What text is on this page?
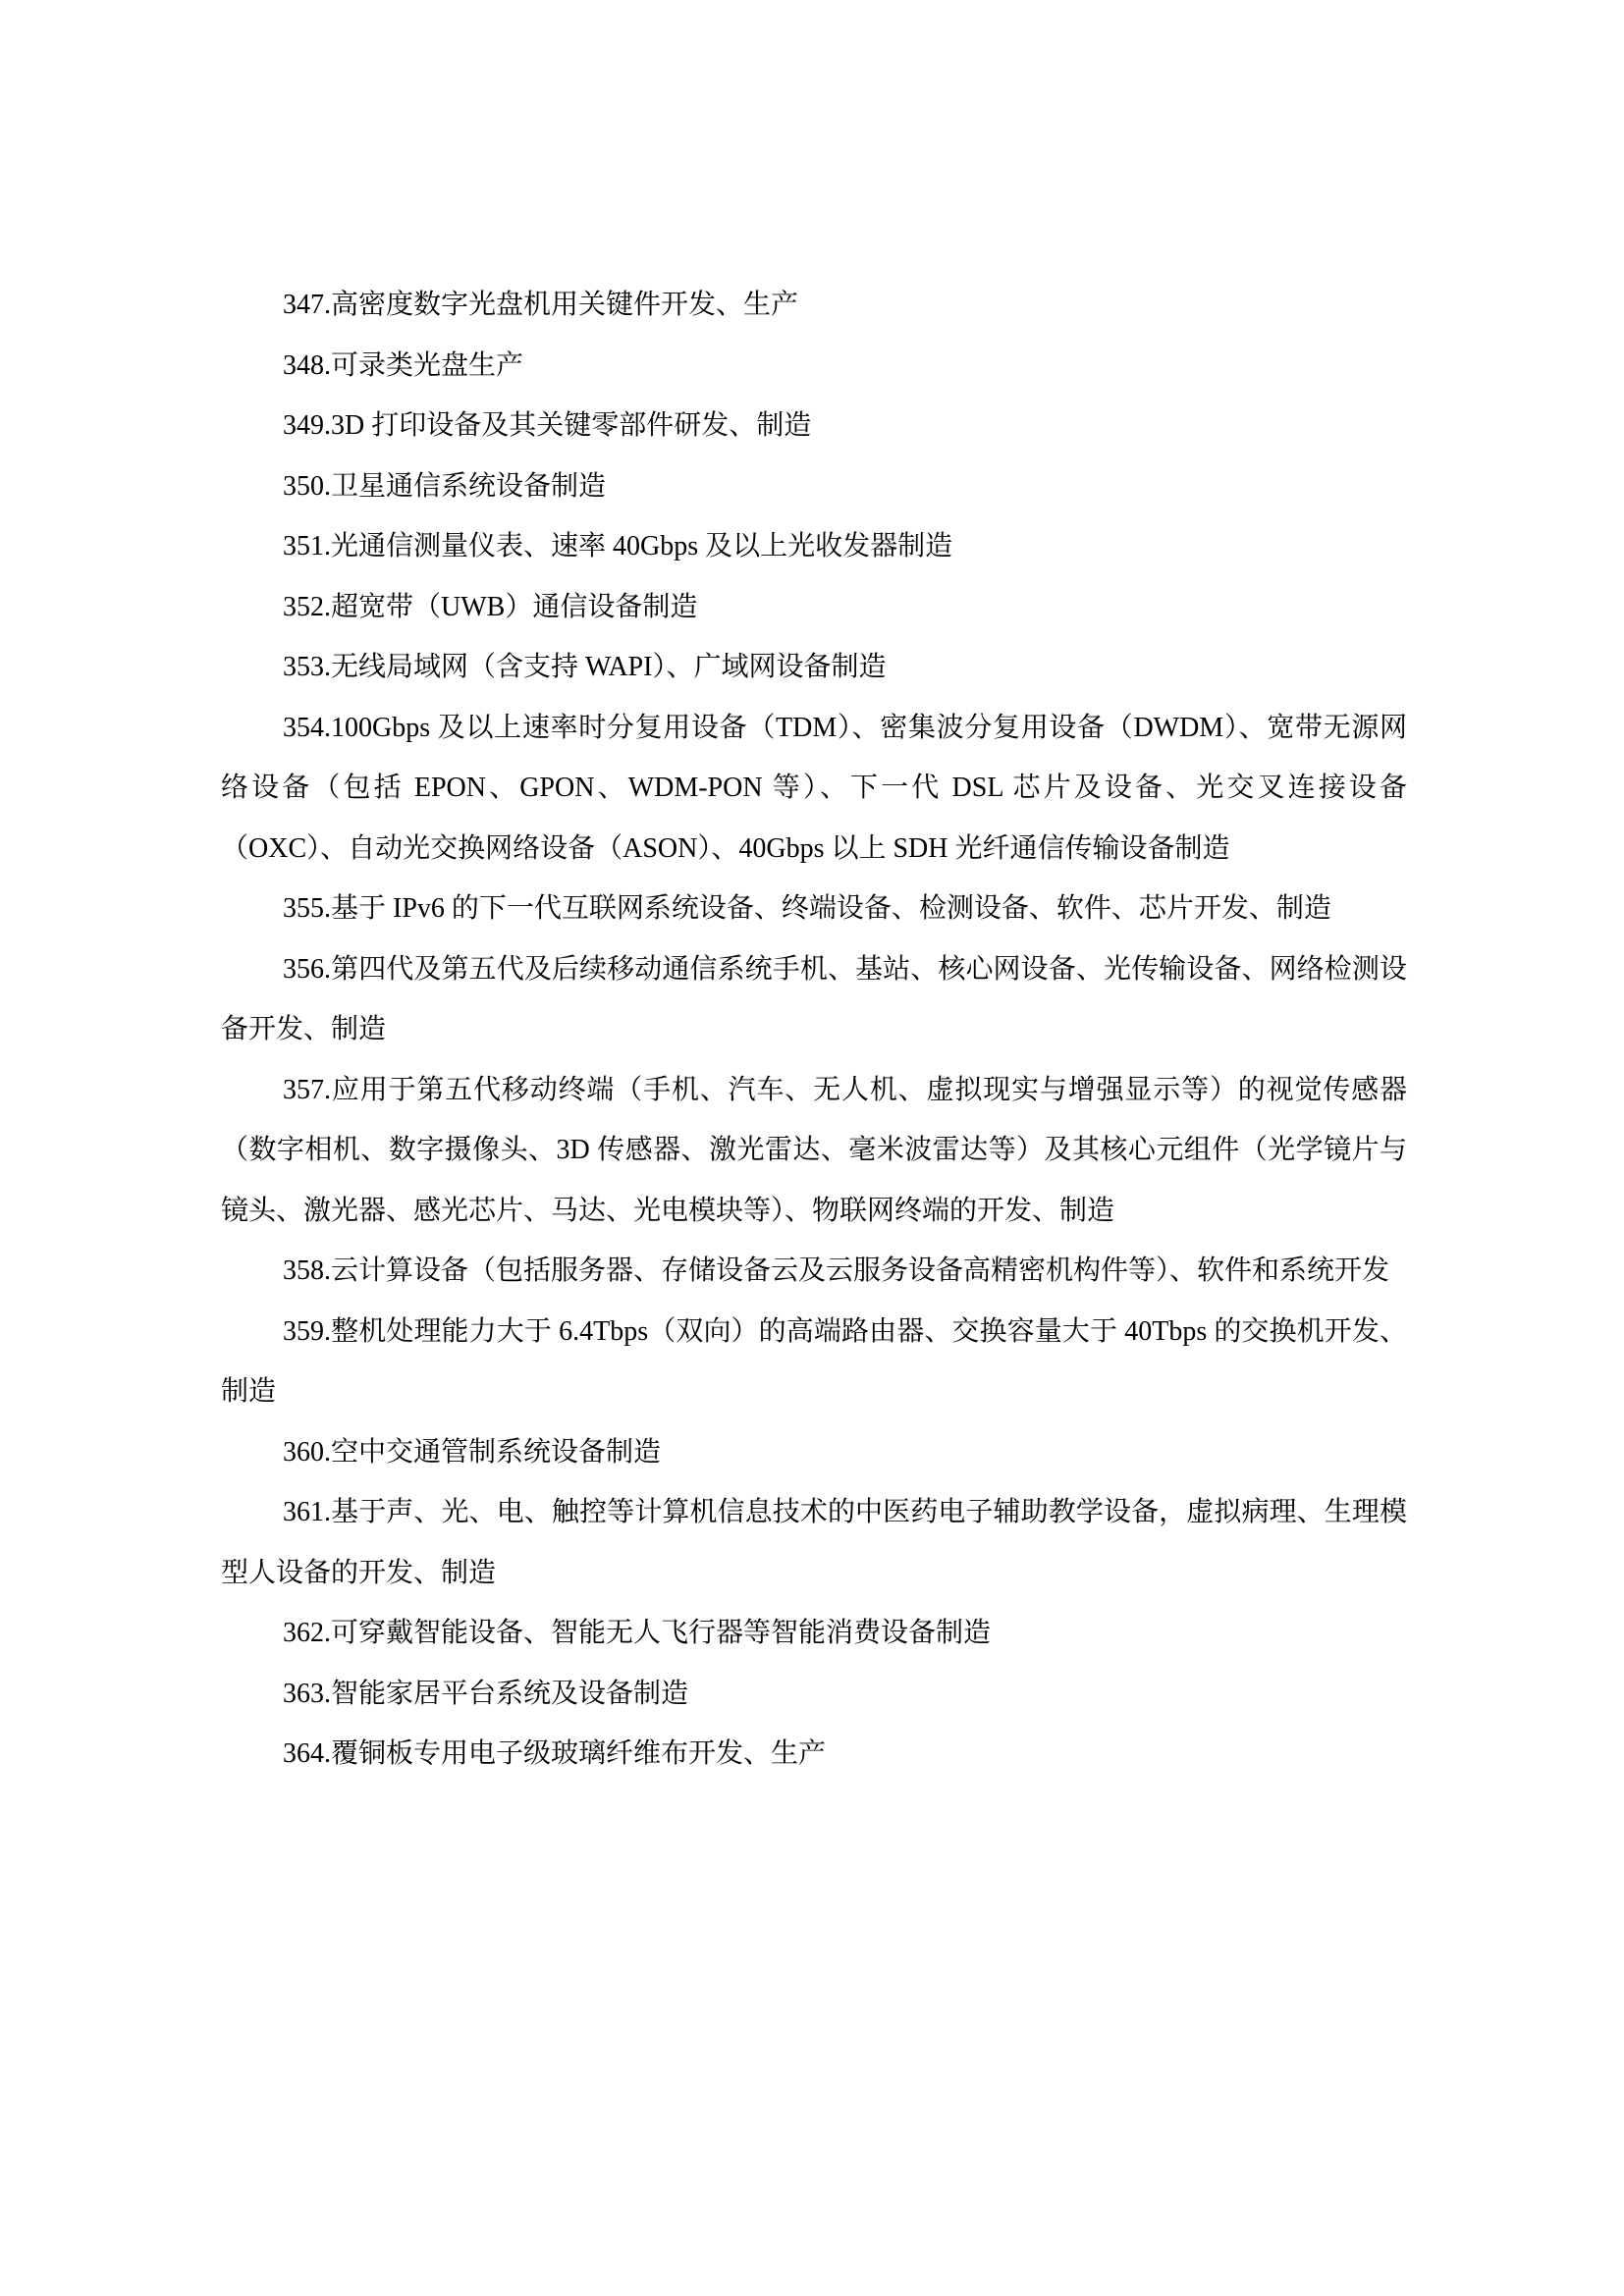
347.高密度数字光盘机用关键件开发、生产

348.可录类光盘生产

349.3D 打印设备及其关键零部件研发、制造

350.卫星通信系统设备制造

351.光通信测量仪表、速率 40Gbps 及以上光收发器制造

352.超宽带（UWB）通信设备制造

353.无线局域网（含支持 WAPI）、广域网设备制造

354.100Gbps 及以上速率时分复用设备（TDM）、密集波分复用设备（DWDM）、宽带无源网络设备（包括 EPON、GPON、WDM-PON 等）、下一代 DSL 芯片及设备、光交叉连接设备（OXC）、自动光交换网络设备（ASON）、40Gbps 以上 SDH 光纤通信传输设备制造

355.基于 IPv6 的下一代互联网系统设备、终端设备、检测设备、软件、芯片开发、制造

356.第四代及第五代及后续移动通信系统手机、基站、核心网设备、光传输设备、网络检测设备开发、制造

357.应用于第五代移动终端（手机、汽车、无人机、虚拟现实与增强显示等）的视觉传感器（数字相机、数字摄像头、3D 传感器、激光雷达、毫米波雷达等）及其核心元组件（光学镜片与镜头、激光器、感光芯片、马达、光电模块等）、物联网终端的开发、制造

358.云计算设备（包括服务器、存储设备云及云服务设备高精密机构件等）、软件和系统开发

359.整机处理能力大于 6.4Tbps（双向）的高端路由器、交换容量大于 40Tbps 的交换机开发、制造

360.空中交通管制系统设备制造

361.基于声、光、电、触控等计算机信息技术的中医药电子辅助教学设备，虚拟病理、生理模型人设备的开发、制造

362.可穿戴智能设备、智能无人飞行器等智能消费设备制造

363.智能家居平台系统及设备制造

364.覆铜板专用电子级玻璃纤维布开发、生产
